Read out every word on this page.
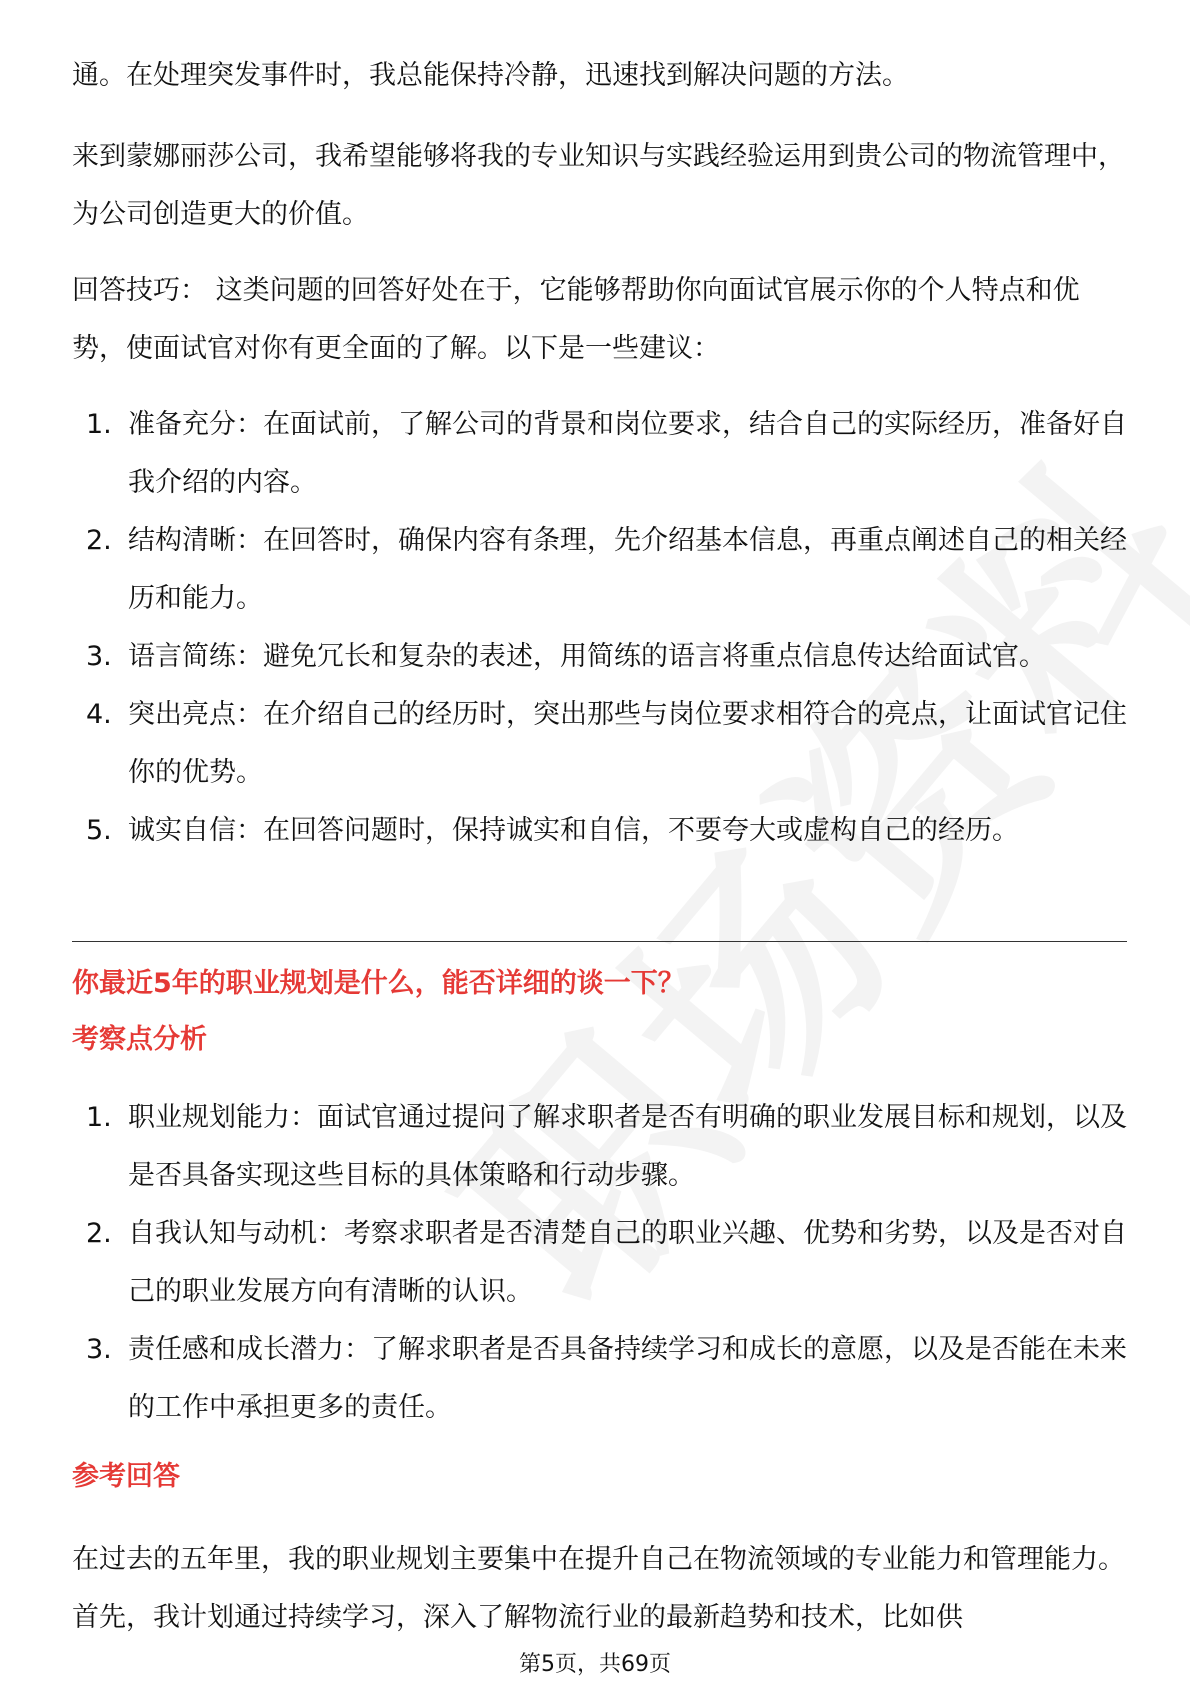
通。在处理突发事件时，我总能保持冷静，迅速找到解决问题的方法。
来到蒙娜丽莎公司，我希望能够将我的专业知识与实践经验运用到贵公司的物流管理中，为公司创造更大的价值。
回答技巧： 这类问题的回答好处在于，它能够帮助你向面试官展示你的个人特点和优势，使面试官对你有更全面的了解。以下是一些建议：
1. 准备充分：在面试前，了解公司的背景和岗位要求，结合自己的实际经历，准备好自我介绍的内容。
2. 结构清晰：在回答时，确保内容有条理，先介绍基本信息，再重点阐述自己的相关经历和能力。
3. 语言简练：避免冗长和复杂的表述，用简练的语言将重点信息传达给面试官。
4. 突出亮点：在介绍自己的经历时，突出那些与岗位要求相符合的亮点，让面试官记住你的优势。
5. 诚实自信：在回答问题时，保持诚实和自信，不要夸大或虚构自己的经历。
你最近5年的职业规划是什么，能否详细的谈一下？
考察点分析
1. 职业规划能力：面试官通过提问了解求职者是否有明确的职业发展目标和规划，以及是否具备实现这些目标的具体策略和行动步骤。
2. 自我认知与动机：考察求职者是否清楚自己的职业兴趣、优势和劣势，以及是否对自己的职业发展方向有清晰的认识。
3. 责任感和成长潜力：了解求职者是否具备持续学习和成长的意愿，以及是否能在未来的工作中承担更多的责任。
参考回答
在过去的五年里，我的职业规划主要集中在提升自己在物流领域的专业能力和管理能力。首先，我计划通过持续学习，深入了解物流行业的最新趋势和技术，比如供
第5页，共69页
